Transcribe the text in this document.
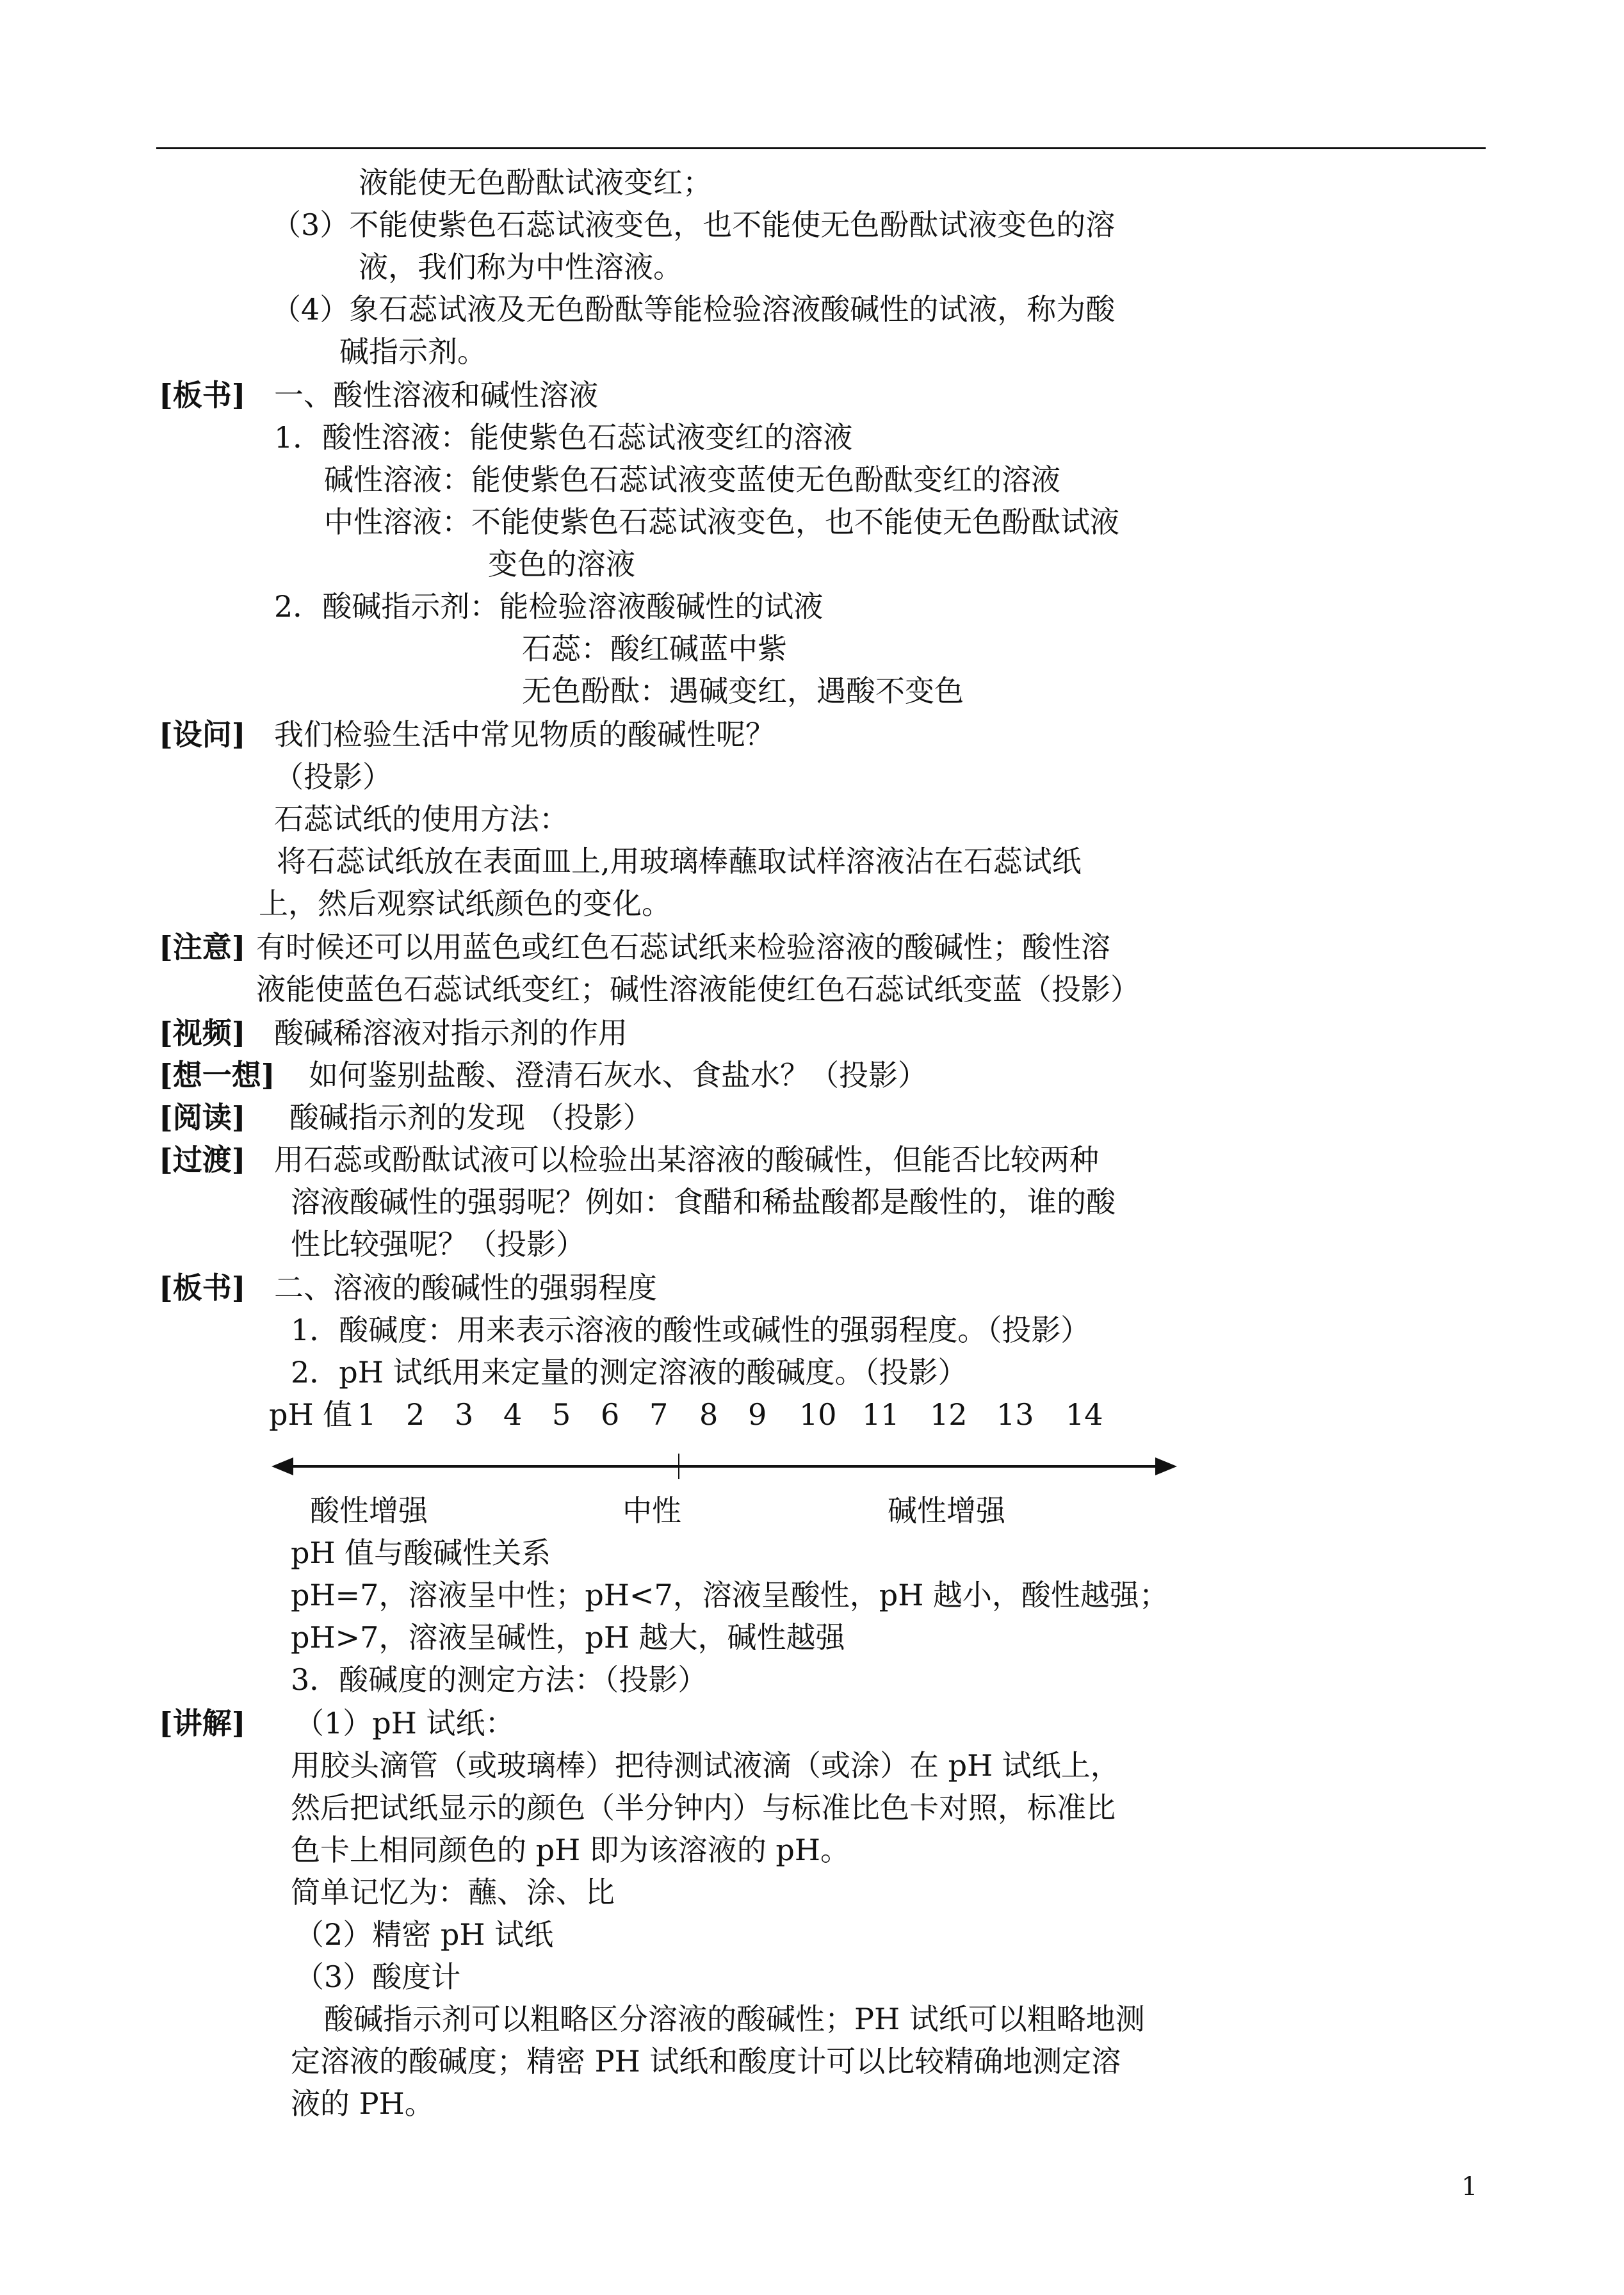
液能使无色酚酞试液变红；
（3）不能使紫色石蕊试液变色，也不能使无色酚酞试液变色的溶
液，我们称为中性溶液。
（4）象石蕊试液及无色酚酞等能检验溶液酸碱性的试液，称为酸
碱指示剂。
[板书] 一、酸性溶液和碱性溶液
1．酸性溶液：能使紫色石蕊试液变红的溶液
碱性溶液：能使紫色石蕊试液变蓝使无色酚酞变红的溶液
中性溶液：不能使紫色石蕊试液变色，也不能使无色酚酞试液
变色的溶液
2．酸碱指示剂：能检验溶液酸碱性的试液
石蕊：酸红碱蓝中紫
无色酚酞：遇碱变红，遇酸不变色
[设问] 我们检验生活中常见物质的酸碱性呢？
（投影）
石蕊试纸的使用方法：
将石蕊试纸放在表面皿上,用玻璃棒蘸取试样溶液沾在石蕊试纸
上，然后观察试纸颜色的变化。
[注意] 有时候还可以用蓝色或红色石蕊试纸来检验溶液的酸碱性；酸性溶
液能使蓝色石蕊试纸变红；碱性溶液能使红色石蕊试纸变蓝（投影）
[视频] 酸碱稀溶液对指示剂的作用
[想一想] 如何鉴别盐酸、澄清石灰水、食盐水？（投影）
[阅读] 酸碱指示剂的发现 （投影）
[过渡] 用石蕊或酚酞试液可以检验出某溶液的酸碱性，但能否比较两种
溶液酸碱性的强弱呢？例如：食醋和稀盐酸都是酸性的，谁的酸
性比较强呢？（投影）
[板书] 二、溶液的酸碱性的强弱程度
1．酸碱度：用来表示溶液的酸性或碱性的强弱程度。（投影）
2．pH 试纸用来定量的测定溶液的酸碱度。（投影）
pH 值 1 2 3 4 5 6 7 8 9 10 11 12 13 14
酸性增强	中性	碱性增强
pH 值与酸碱性关系
pH=7，溶液呈中性；pH<7，溶液呈酸性，pH 越小，酸性越强；
pH>7，溶液呈碱性，pH 越大，碱性越强
3．酸碱度的测定方法：（投影）
[讲解] （1）pH 试纸：
用胶头滴管（或玻璃棒）把待测试液滴（或涂）在 pH 试纸上，
然后把试纸显示的颜色（半分钟内）与标准比色卡对照，标准比
色卡上相同颜色的 pH 即为该溶液的 pH。
简单记忆为：蘸、涂、比
（2）精密 pH 试纸
（3）酸度计
酸碱指示剂可以粗略区分溶液的酸碱性；PH 试纸可以粗略地测
定溶液的酸碱度；精密 PH 试纸和酸度计可以比较精确地测定溶
液的 PH。
1
